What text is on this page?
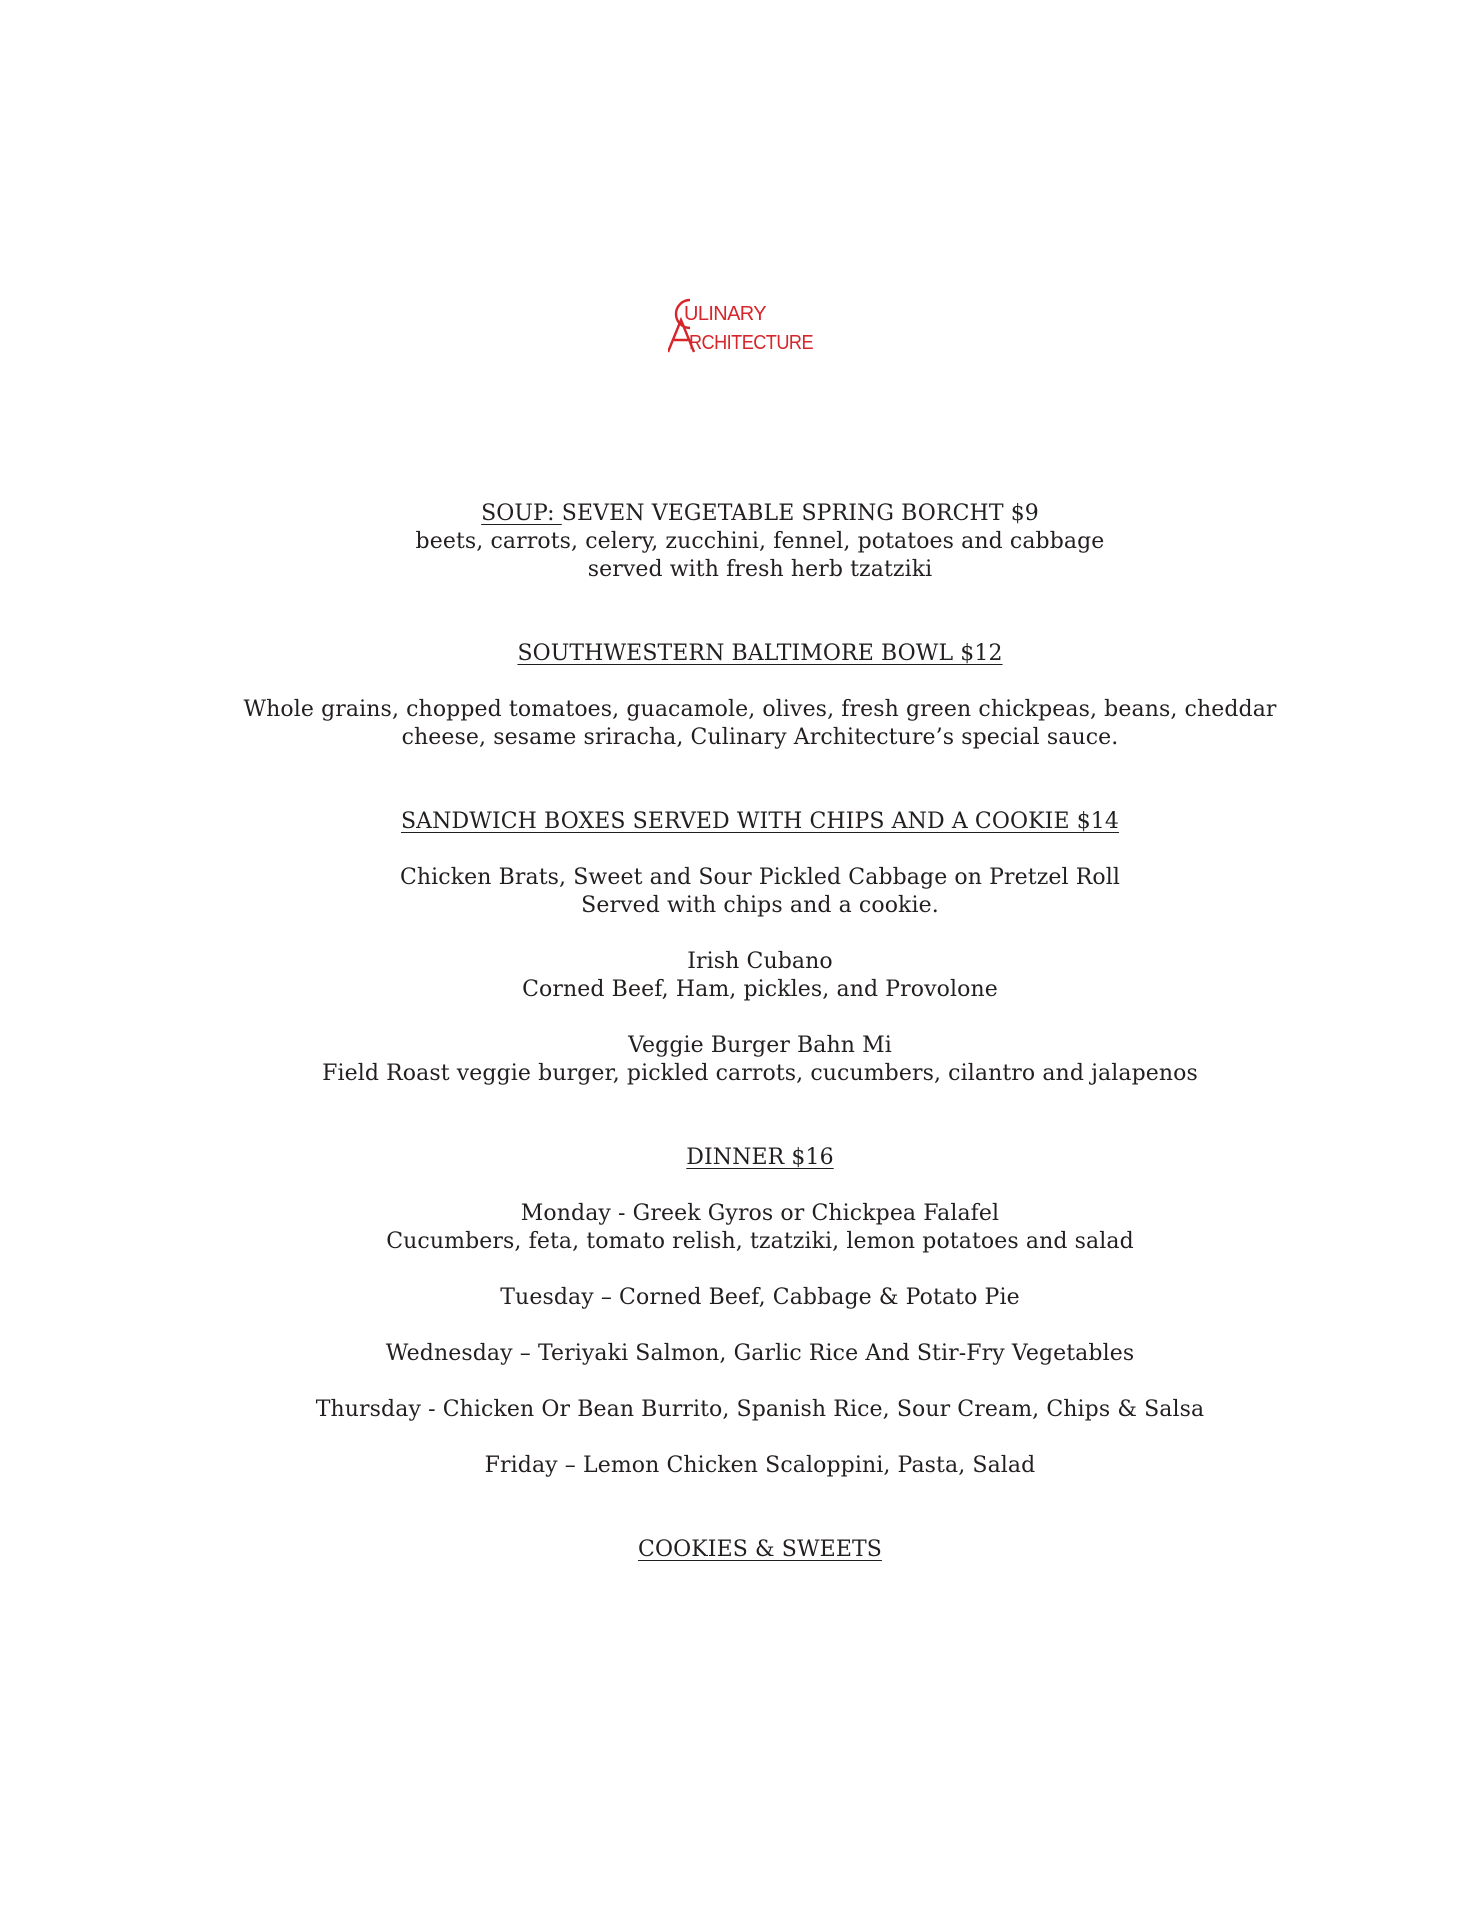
ULINARY
RCHITECTURE
SOUP: SEVEN VEGETABLE SPRING BORCHT $9
beets, carrots, celery, zucchini, fennel, potatoes and cabbage
served with fresh herb tzatziki
SOUTHWESTERN BALTIMORE BOWL $12
Whole grains, chopped tomatoes, guacamole, olives, fresh green chickpeas, beans, cheddar
cheese, sesame sriracha, Culinary Architecture’s special sauce.
SANDWICH BOXES SERVED WITH CHIPS AND A COOKIE $14
Chicken Brats, Sweet and Sour Pickled Cabbage on Pretzel Roll
Served with chips and a cookie.
Irish Cubano
Corned Beef, Ham, pickles, and Provolone
Veggie Burger Bahn Mi
Field Roast veggie burger, pickled carrots, cucumbers, cilantro and jalapenos
DINNER $16
Monday - Greek Gyros or Chickpea Falafel
Cucumbers, feta, tomato relish, tzatziki, lemon potatoes and salad
Tuesday – Corned Beef, Cabbage & Potato Pie
Wednesday – Teriyaki Salmon, Garlic Rice And Stir-Fry Vegetables
Thursday - Chicken Or Bean Burrito, Spanish Rice, Sour Cream, Chips & Salsa
Friday – Lemon Chicken Scaloppini, Pasta, Salad
COOKIES & SWEETS
